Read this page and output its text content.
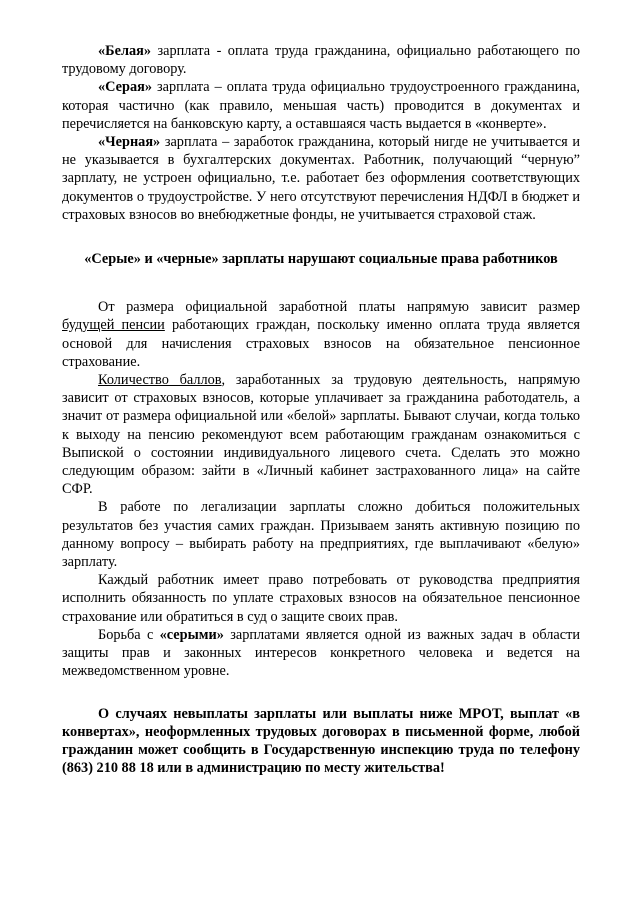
«Белая» зарплата - оплата труда гражданина, официально работающего по трудовому договору.

«Серая» зарплата – оплата труда официально трудоустроенного гражданина, которая частично (как правило, меньшая часть) проводится в документах и перечисляется на банковскую карту, а оставшаяся часть выдается в «конверте».

«Черная» зарплата – заработок гражданина, который нигде не учитывается и не указывается в бухгалтерских документах. Работник, получающий “черную” зарплату, не устроен официально, т.е. работает без оформления соответствующих документов о трудоустройстве. У него отсутствуют перечисления НДФЛ в бюджет и страховых взносов во внебюджетные фонды, не учитывается страховой стаж.

«Серые» и «черные» зарплаты нарушают социальные права работников

От размера официальной заработной платы напрямую зависит размер будущей пенсии работающих граждан, поскольку именно оплата труда является основой для начисления страховых взносов на обязательное пенсионное страхование.

Количество баллов, заработанных за трудовую деятельность, напрямую зависит от страховых взносов, которые уплачивает за гражданина работодатель, а значит от размера официальной или «белой» зарплаты. Бывают случаи, когда только к выходу на пенсию рекомендуют всем работающим гражданам ознакомиться с Выпиской о состоянии индивидуального лицевого счета. Сделать это можно следующим образом: зайти в «Личный кабинет застрахованного лица» на сайте СФР.

В работе по легализации зарплаты сложно добиться положительных результатов без участия самих граждан. Призываем занять активную позицию по данному вопросу – выбирать работу на предприятиях, где выплачивают «белую» зарплату.

Каждый работник имеет право потребовать от руководства предприятия исполнить обязанность по уплате страховых взносов на обязательное пенсионное страхование или обратиться в суд о защите своих прав.

Борьба с «серыми» зарплатами является одной из важных задач в области защиты прав и законных интересов конкретного человека и ведется на межведомственном уровне.

О случаях невыплаты зарплаты или выплаты ниже МРОТ, выплат «в конвертах», неоформленных трудовых договорах в письменной форме, любой гражданин может сообщить в Государственную инспекцию труда по телефону (863) 210 88 18 или в администрацию по месту жительства!
